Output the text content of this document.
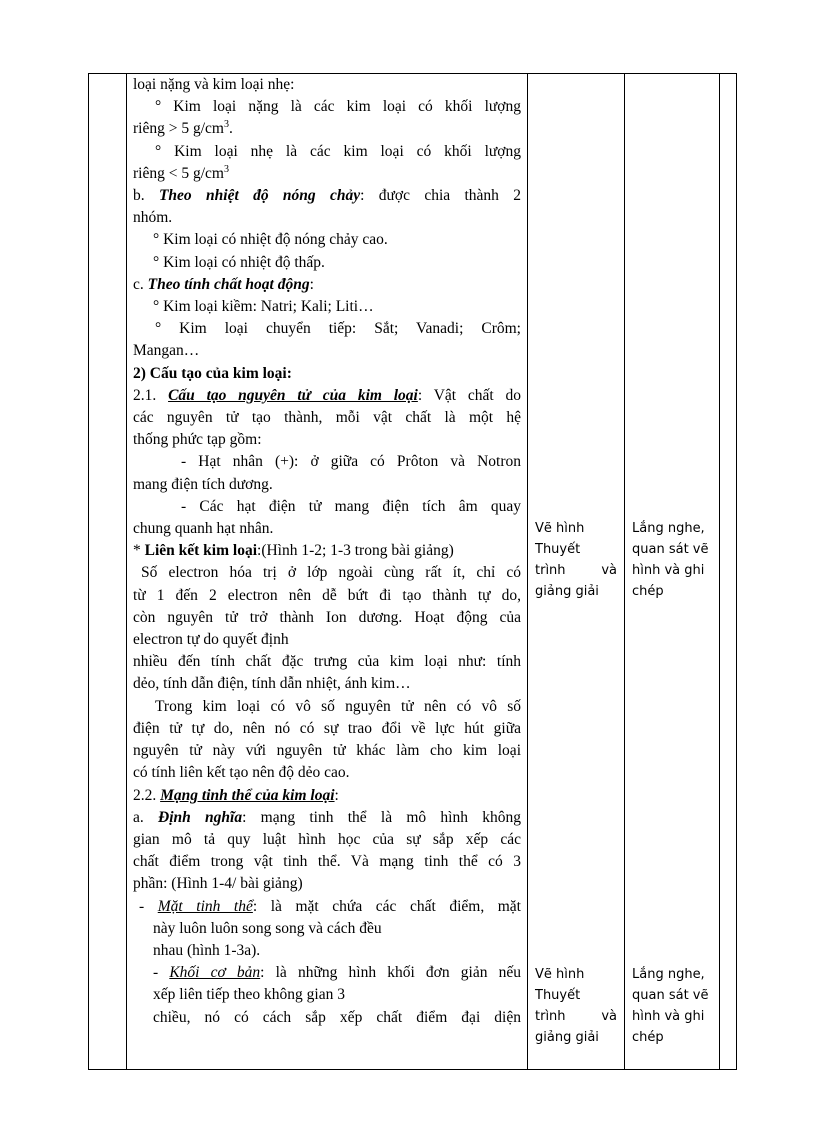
loại nặng và kim loại nhẹ:

° Kim loại nặng là các kim loại có khối lượng

riêng > 5 $g/cm^3$.

° Kim loại nhẹ là các kim loại có khối lượng

riêng < 5 $g/cm^3$

b. Theo nhiệt độ nóng chảy: được chia thành 2

nhóm.

° Kim loại có nhiệt độ nóng chảy cao.

° Kim loại có nhiệt độ thấp.

c. Theo tính chất hoạt động:

° Kim loại kiềm: Natri; Kali; Liti…

° Kim loại chuyển tiếp: Sắt; Vanadi; Crôm;

Mangan…

2) Cấu tạo của kim loại:

2.1. Cấu tạo nguyên tử của kim loại: Vật chất do

các nguyên tử tạo thành, mỗi vật chất là một hệ

thống phức tạp gồm:

- Hạt nhân (+): ở giữa có Prôton và Notron

mang điện tích dương.

- Các hạt điện tử mang điện tích âm quay

chung quanh hạt nhân.

* Liên kết kim loại:(Hình 1-2; 1-3 trong bài giảng)

Số electron hóa trị ở lớp ngoài cùng rất ít, chỉ có

từ 1 đến 2 electron nên dễ bứt đi tạo thành tự do,

còn nguyên tử trở thành Ion dương. Hoạt động của

electron tự do quyết định

nhiều đến tính chất đặc trưng của kim loại như: tính

dẻo, tính dẫn điện, tính dẫn nhiệt, ánh kim…

Trong kim loại có vô số nguyên tử nên có vô số

điện tử tự do, nên nó có sự trao đổi về lực hút giữa

nguyên tử này vứi nguyên tử khác làm cho kim loại

có tính liên kết tạo nên độ dẻo cao.

2.2. Mạng tinh thể của kim loại:

a. Định nghĩa: mạng tinh thể là mô hình không

gian mô tả quy luật hình học của sự sắp xếp các

chất điểm trong vật tinh thể. Và mạng tinh thể có 3

phần: (Hình 1-4/ bài giảng)

- Mặt tinh thể: là mặt chứa các chất điểm, mặt

này luôn luôn song song và cách đều

nhau (hình 1-3a).

- Khối cơ bản: là những hình khối đơn giản nếu

xếp liên tiếp theo không gian 3

chiều, nó có cách sắp xếp chất điểm đại diện

Vẽ hình

Thuyết

trình	và

giảng giải

Lắng nghe,

quan sát vẽ

hình và ghi

chép

Vẽ hình

Thuyết

trình	và

giảng giải

Lắng nghe,

quan sát vẽ

hình và ghi

chép
